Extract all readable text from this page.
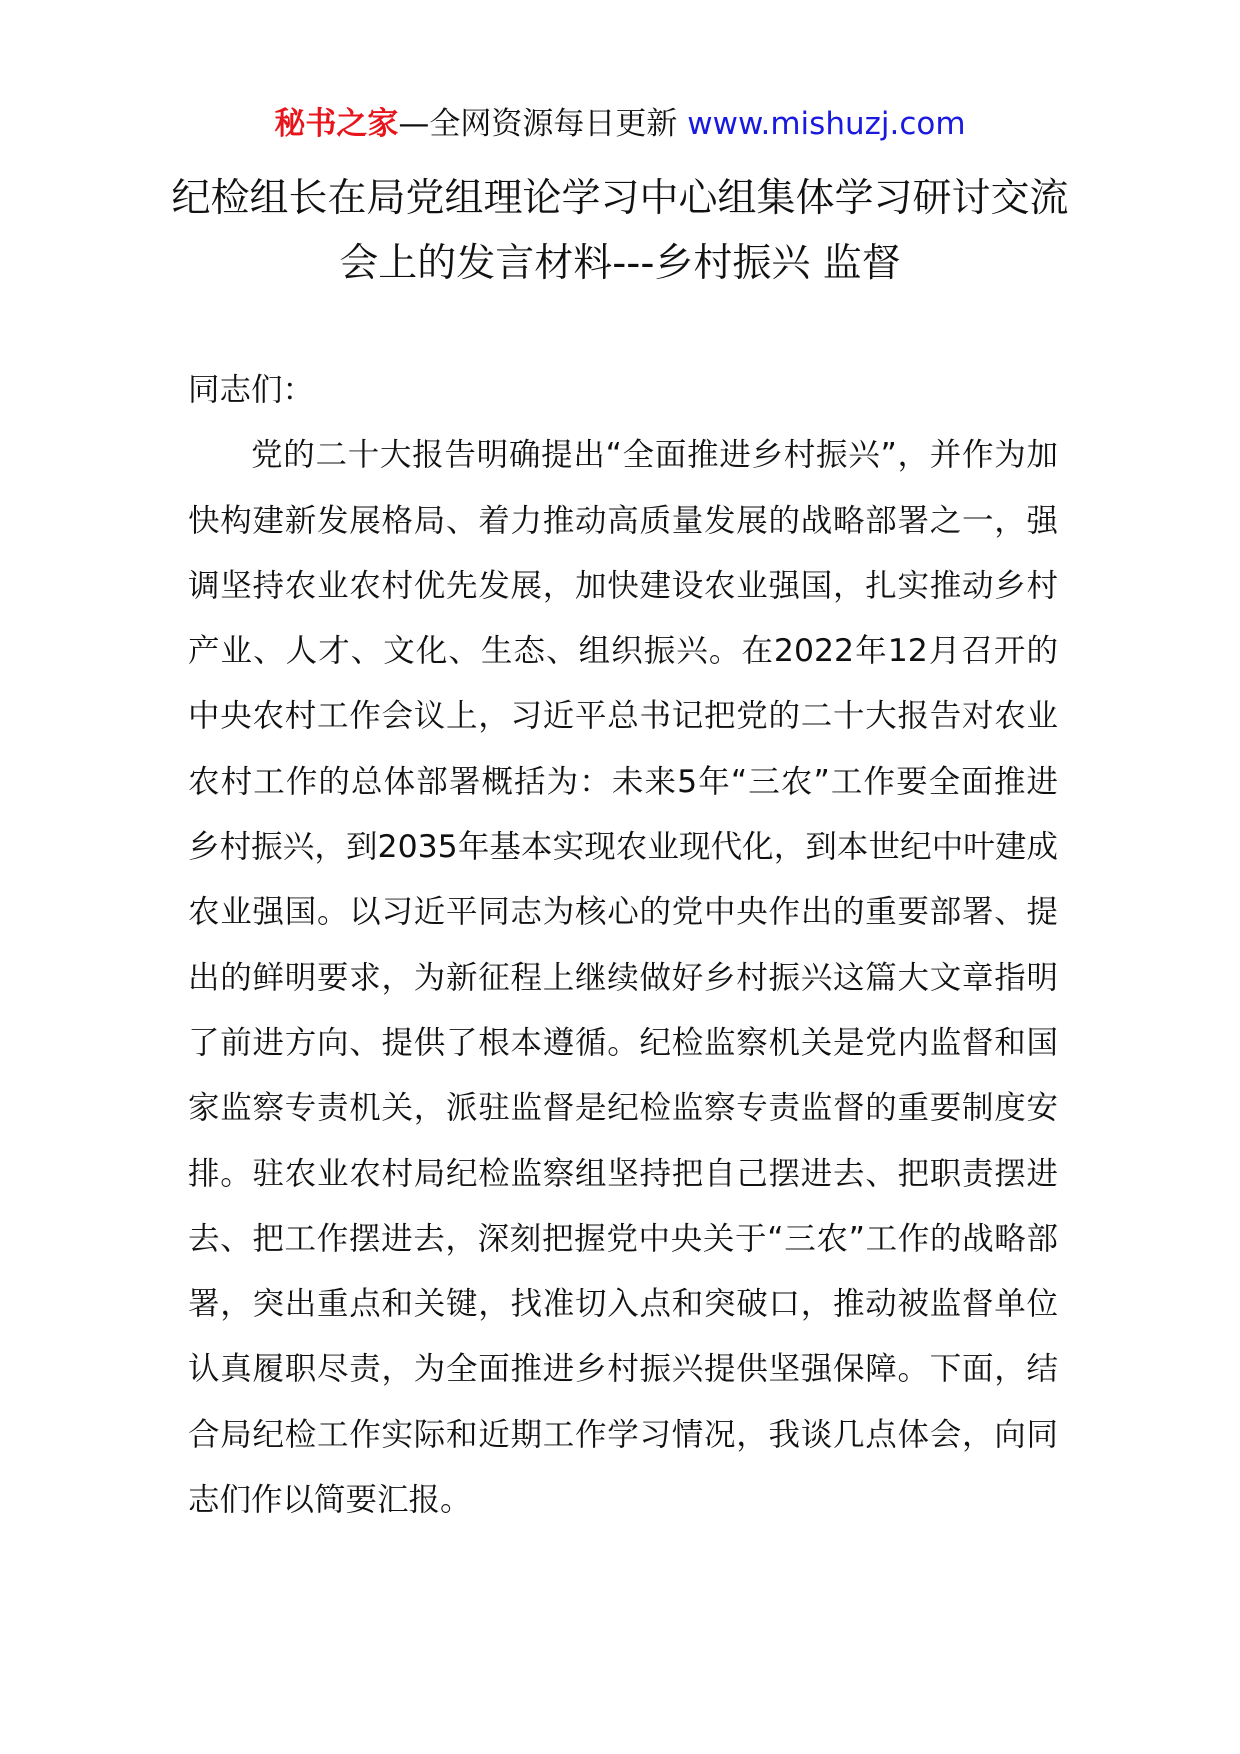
秘书之家—全网资源每日更新 www.mishuzj.com
纪检组长在局党组理论学习中心组集体学习研讨交流会上的发言材料---乡村振兴 监督

同志们：

党的二十大报告明确提出“全面推进乡村振兴”，并作为加快构建新发展格局、着力推动高质量发展的战略部署之一，强调坚持农业农村优先发展，加快建设农业强国，扎实推动乡村产业、人才、文化、生态、组织振兴。在2022年12月召开的中央农村工作会议上，习近平总书记把党的二十大报告对农业农村工作的总体部署概括为：未来5年“三农”工作要全面推进乡村振兴，到2035年基本实现农业现代化，到本世纪中叶建成农业强国。以习近平同志为核心的党中央作出的重要部署、提出的鲜明要求，为新征程上继续做好乡村振兴这篇大文章指明了前进方向、提供了根本遵循。纪检监察机关是党内监督和国家监察专责机关，派驻监督是纪检监察专责监督的重要制度安排。驻农业农村局纪检监察组坚持把自己摆进去、把职责摆进去、把工作摆进去，深刻把握党中央关于“三农”工作的战略部署，突出重点和关键，找准切入点和突破口，推动被监督单位认真履职尽责，为全面推进乡村振兴提供坚强保障。下面，结合局纪检工作实际和近期工作学习情况，我谈几点体会，向同志们作以简要汇报。
